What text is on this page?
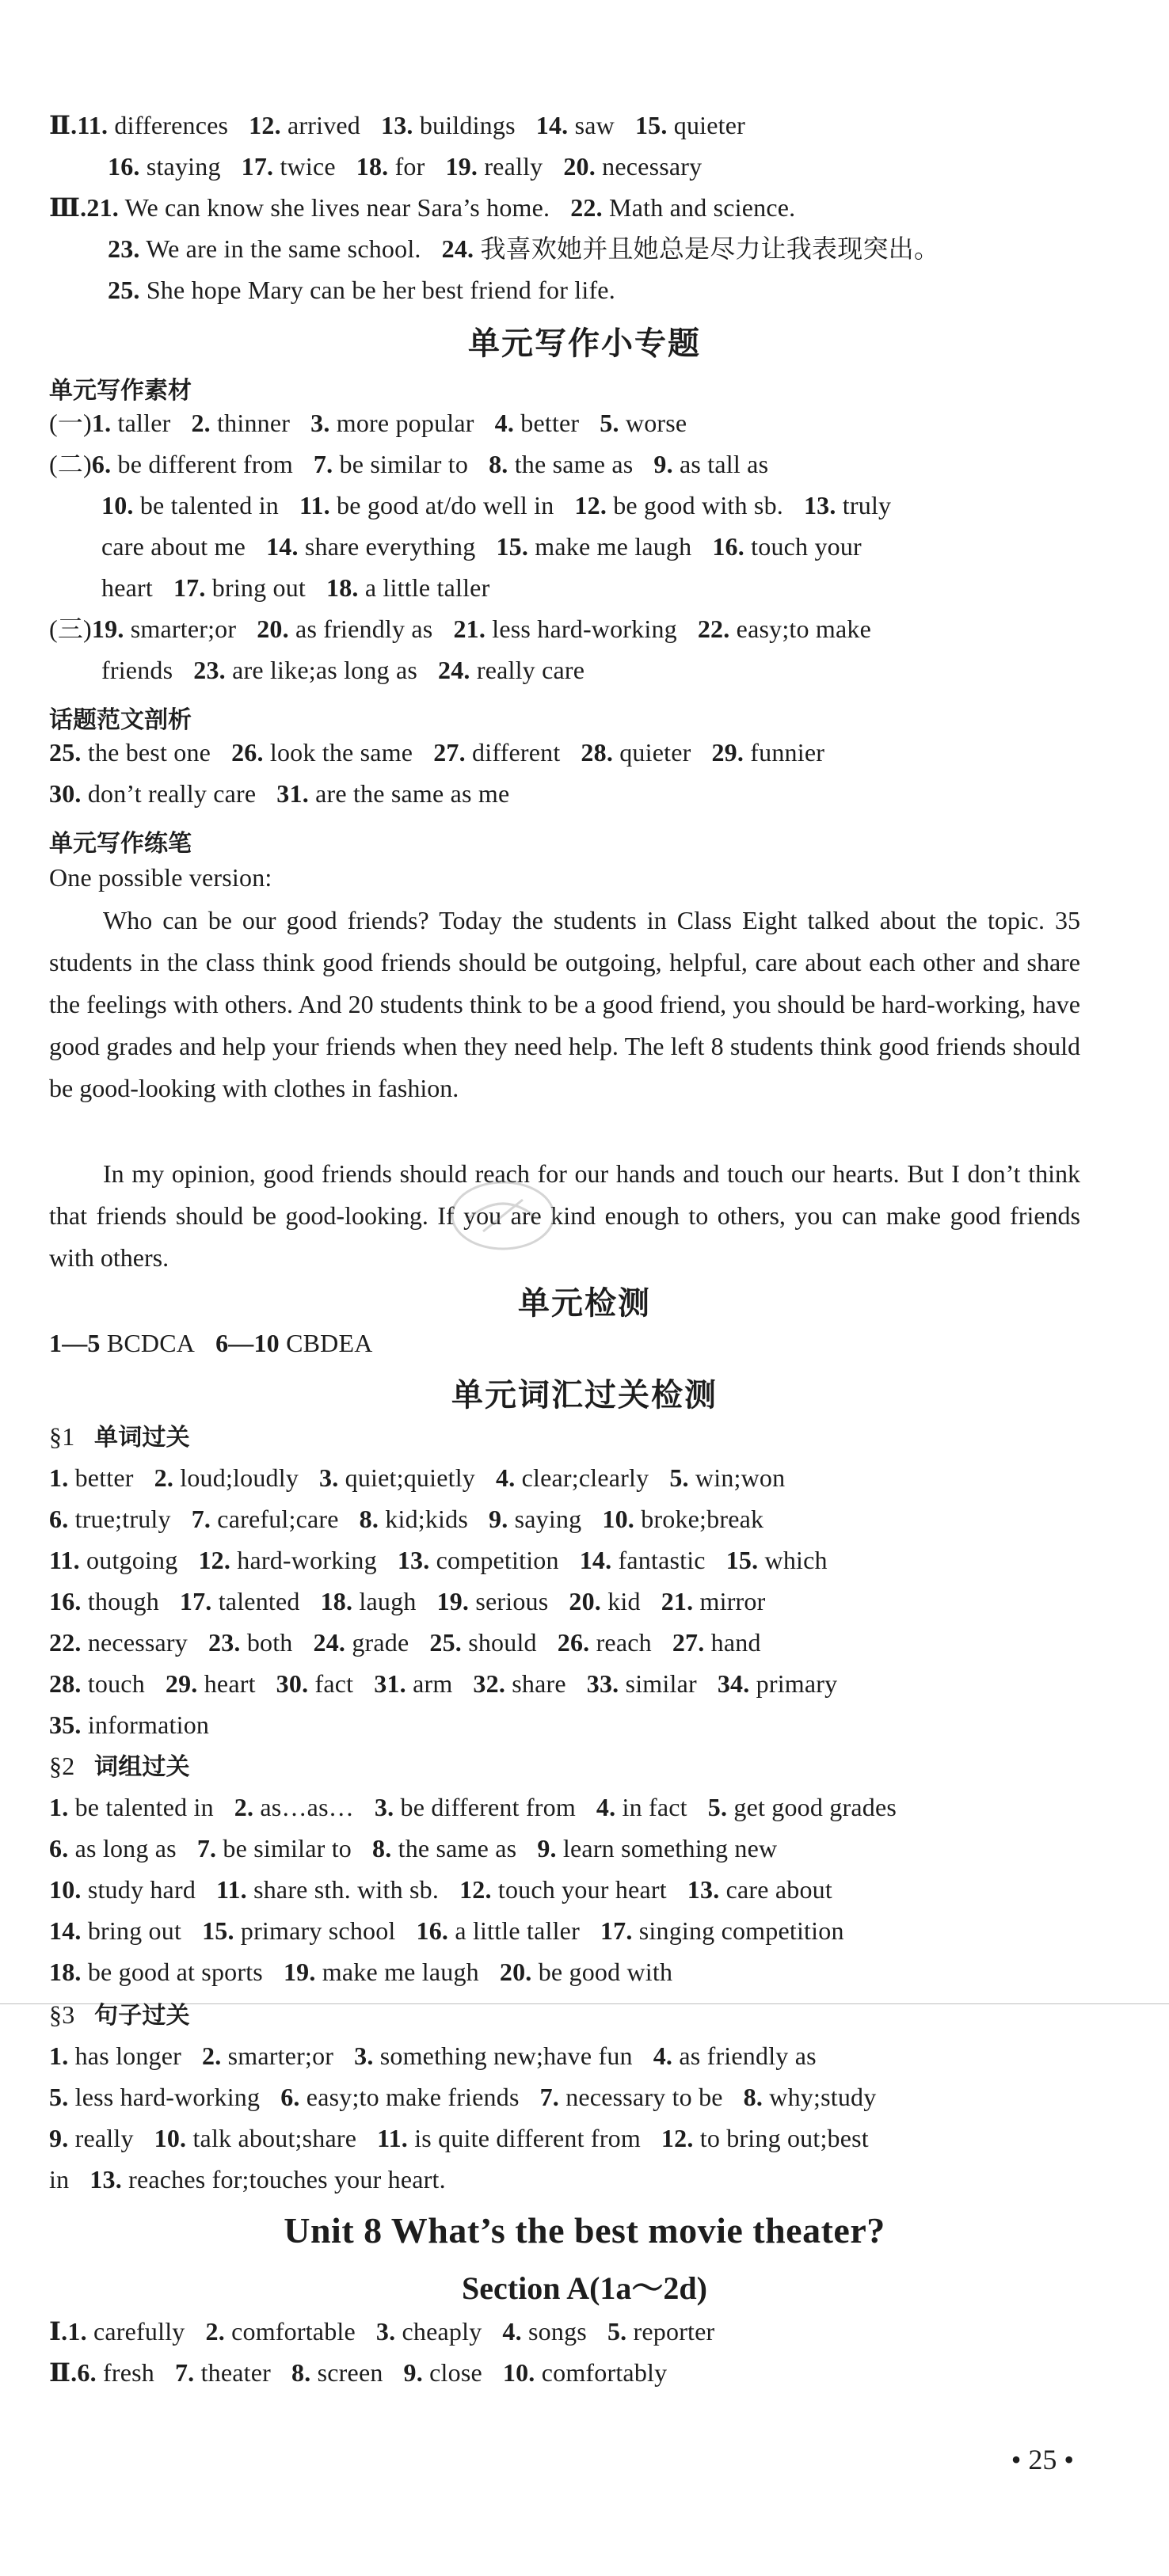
Ⅱ.11. differences 12. arrived 13. buildings 14. saw 15. quieter
16. staying 17. twice 18. for 19. really 20. necessary
Ⅲ.21. We can know she lives near Sara’s home. 22. Math and science.
23. We are in the same school. 24. 我喜欢她并且她总是尽力让我表现突出。
25. She hope Mary can be her best friend for life.
单元写作小专题
单元写作素材
(一)1. taller 2. thinner 3. more popular 4. better 5. worse
(二)6. be different from 7. be similar to 8. the same as 9. as tall as
10. be talented in 11. be good at/do well in 12. be good with sb. 13. truly
care about me 14. share everything 15. make me laugh 16. touch your
heart 17. bring out 18. a little taller
(三)19. smarter;or 20. as friendly as 21. less hard-working 22. easy;to make
friends 23. are like;as long as 24. really care
话题范文剖析
25. the best one 26. look the same 27. different 28. quieter 29. funnier
30. don’t really care 31. are the same as me
单元写作练笔
One possible version:
Who can be our good friends? Today the students in Class Eight talked about the topic. 35 students in the class think good friends should be outgoing, helpful, care about each other and share the feelings with others. And 20 students think to be a good friend, you should be hard-working, have good grades and help your friends when they need help. The left 8 students think good friends should be good-looking with clothes in fashion.
In my opinion, good friends should reach for our hands and touch our hearts. But I don’t think that friends should be good-looking. If you are kind enough to others, you can make good friends with others.
单元检测
1—5 BCDCA 6—10 CBDEA
单元词汇过关检测
§1 单词过关
1. better 2. loud;loudly 3. quiet;quietly 4. clear;clearly 5. win;won
6. true;truly 7. careful;care 8. kid;kids 9. saying 10. broke;break
11. outgoing 12. hard-working 13. competition 14. fantastic 15. which
16. though 17. talented 18. laugh 19. serious 20. kid 21. mirror
22. necessary 23. both 24. grade 25. should 26. reach 27. hand
28. touch 29. heart 30. fact 31. arm 32. share 33. similar 34. primary
35. information
§2 词组过关
1. be talented in 2. as…as… 3. be different from 4. in fact 5. get good grades
6. as long as 7. be similar to 8. the same as 9. learn something new
10. study hard 11. share sth. with sb. 12. touch your heart 13. care about
14. bring out 15. primary school 16. a little taller 17. singing competition
18. be good at sports 19. make me laugh 20. be good with
§3 句子过关
1. has longer 2. smarter;or 3. something new;have fun 4. as friendly as
5. less hard-working 6. easy;to make friends 7. necessary to be 8. why;study
9. really 10. talk about;share 11. is quite different from 12. to bring out;best
in 13. reaches for;touches your heart.
Unit 8 What’s the best movie theater?
Section A(1a～2d)
Ⅰ.1. carefully 2. comfortable 3. cheaply 4. songs 5. reporter
Ⅱ.6. fresh 7. theater 8. screen 9. close 10. comfortably
• 25 •
